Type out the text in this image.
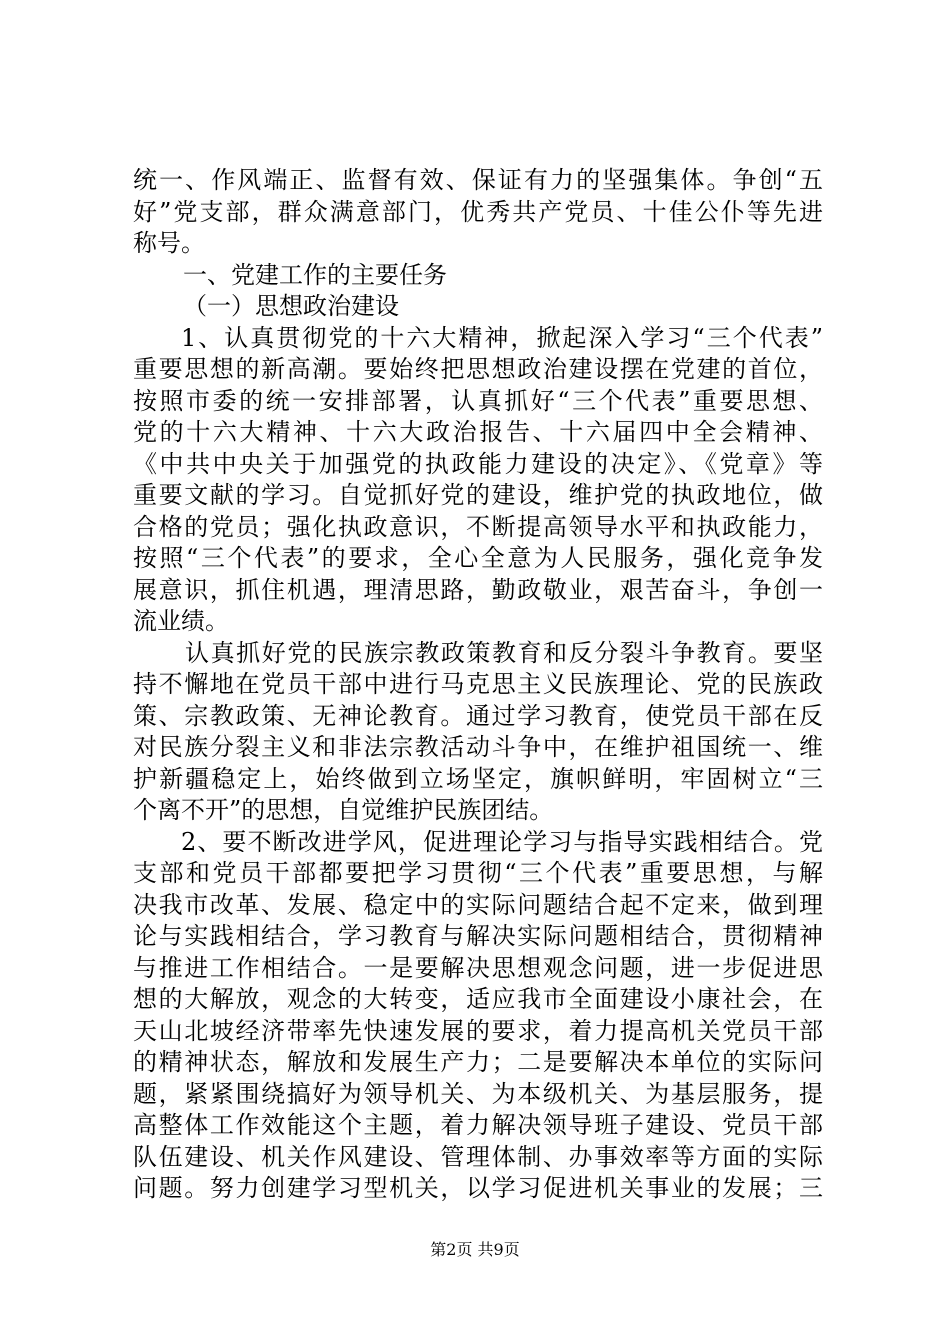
统一、作风端正、监督有效、保证有力的坚强集体。争创“五
好”党支部，群众满意部门，优秀共产党员、十佳公仆等先进
称号。
一、党建工作的主要任务
（一）思想政治建设
1、认真贯彻党的十六大精神，掀起深入学习“三个代表”
重要思想的新高潮。要始终把思想政治建设摆在党建的首位，
按照市委的统一安排部署，认真抓好“三个代表”重要思想、
党的十六大精神、十六大政治报告、十六届四中全会精神、
《中共中央关于加强党的执政能力建设的决定》、《党章》等
重要文献的学习。自觉抓好党的建设，维护党的执政地位，做
合格的党员；强化执政意识，不断提高领导水平和执政能力，
按照“三个代表”的要求，全心全意为人民服务，强化竞争发
展意识，抓住机遇，理清思路，勤政敬业，艰苦奋斗，争创一
流业绩。
认真抓好党的民族宗教政策教育和反分裂斗争教育。要坚
持不懈地在党员干部中进行马克思主义民族理论、党的民族政
策、宗教政策、无神论教育。通过学习教育，使党员干部在反
对民族分裂主义和非法宗教活动斗争中，在维护祖国统一、维
护新疆稳定上，始终做到立场坚定，旗帜鲜明，牢固树立“三
个离不开”的思想，自觉维护民族团结。
2、要不断改进学风，促进理论学习与指导实践相结合。党
支部和党员干部都要把学习贯彻“三个代表”重要思想，与解
决我市改革、发展、稳定中的实际问题结合起不定来，做到理
论与实践相结合，学习教育与解决实际问题相结合，贯彻精神
与推进工作相结合。一是要解决思想观念问题，进一步促进思
想的大解放，观念的大转变，适应我市全面建设小康社会，在
天山北坡经济带率先快速发展的要求，着力提高机关党员干部
的精神状态，解放和发展生产力；二是要解决本单位的实际问
题，紧紧围绕搞好为领导机关、为本级机关、为基层服务，提
高整体工作效能这个主题，着力解决领导班子建设、党员干部
队伍建设、机关作风建设、管理体制、办事效率等方面的实际
问题。努力创建学习型机关，以学习促进机关事业的发展；三
第2页 共9页
